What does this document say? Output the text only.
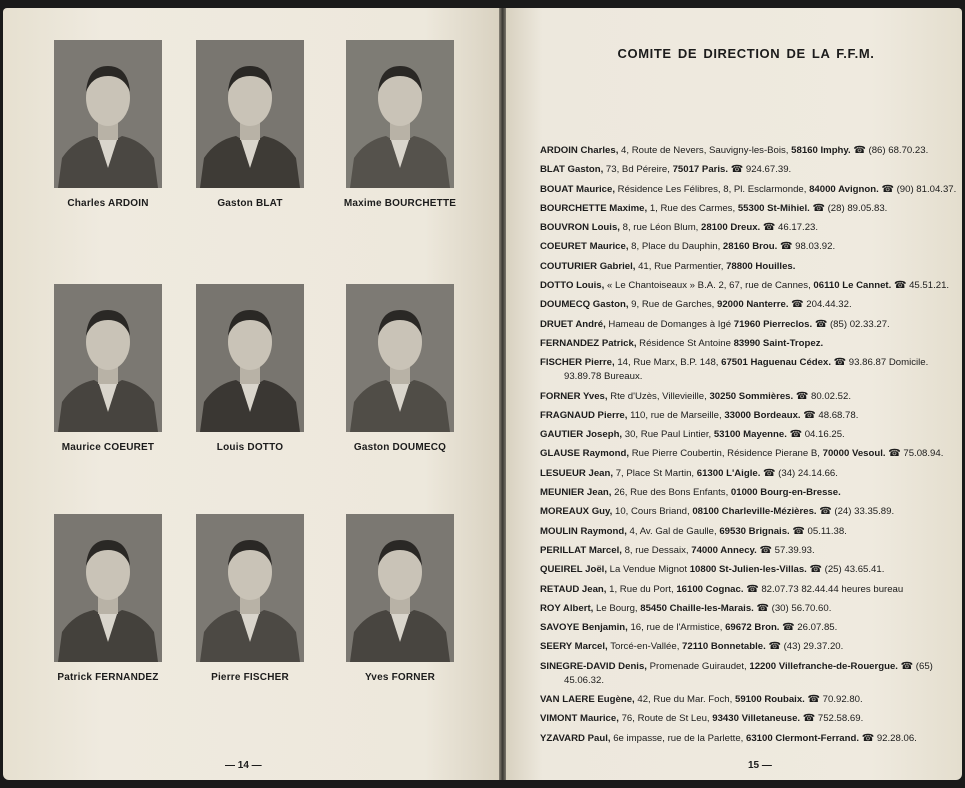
Charles ARDOIN	Gaston BLAT	Maxime BOURCHETTE
Maurice COEURET	Louis DOTTO	Gaston DOUMECQ
Patrick FERNANDEZ	Pierre FISCHER	Yves FORNER
— 14 —
COMITE DE DIRECTION DE LA F.F.M.
ARDOIN Charles, 4, Route de Nevers, Sauvigny-les-Bois, 58160 Imphy. ☎ (86) 68.70.23.
BLAT Gaston, 73, Bd Péreire, 75017 Paris. ☎ 924.67.39.
BOUAT Maurice, Résidence Les Félibres, 8, Pl. Esclarmonde, 84000 Avignon. ☎ (90) 81.04.37.
BOURCHETTE Maxime, 1, Rue des Carmes, 55300 St-Mihiel. ☎ (28) 89.05.83.
BOUVRON Louis, 8, rue Léon Blum, 28100 Dreux. ☎ 46.17.23.
COEURET Maurice, 8, Place du Dauphin, 28160 Brou. ☎ 98.03.92.
COUTURIER Gabriel, 41, Rue Parmentier, 78800 Houilles.
DOTTO Louis, « Le Chantoiseaux » B.A. 2, 67, rue de Cannes, 06110 Le Cannet. ☎ 45.51.21.
DOUMECQ Gaston, 9, Rue de Garches, 92000 Nanterre. ☎ 204.44.32.
DRUET André, Hameau de Domanges à Igé 71960 Pierreclos. ☎ (85) 02.33.27.
FERNANDEZ Patrick, Résidence St Antoine 83990 Saint-Tropez.
FISCHER Pierre, 14, Rue Marx, B.P. 148, 67501 Haguenau Cédex. ☎ 93.86.87 Domicile. 93.89.78 Bureaux.
FORNER Yves, Rte d'Uzès, Villevieille, 30250 Sommières. ☎ 80.02.52.
FRAGNAUD Pierre, 110, rue de Marseille, 33000 Bordeaux. ☎ 48.68.78.
GAUTIER Joseph, 30, Rue Paul Lintier, 53100 Mayenne. ☎ 04.16.25.
GLAUSE Raymond, Rue Pierre Coubertin, Résidence Pierane B, 70000 Vesoul. ☎ 75.08.94.
LESUEUR Jean, 7, Place St Martin, 61300 L'Aigle. ☎ (34) 24.14.66.
MEUNIER Jean, 26, Rue des Bons Enfants, 01000 Bourg-en-Bresse.
MOREAUX Guy, 10, Cours Briand, 08100 Charleville-Mézières. ☎ (24) 33.35.89.
MOULIN Raymond, 4, Av. Gal de Gaulle, 69530 Brignais. ☎ 05.11.38.
PERILLAT Marcel, 8, rue Dessaix, 74000 Annecy. ☎ 57.39.93.
QUEIREL Joël, La Vendue Mignot 10800 St-Julien-les-Villas. ☎ (25) 43.65.41.
RETAUD Jean, 1, Rue du Port, 16100 Cognac. ☎ 82.07.73 82.44.44 heures bureau
ROY Albert, Le Bourg, 85450 Chaille-les-Marais. ☎ (30) 56.70.60.
SAVOYE Benjamin, 16, rue de l'Armistice, 69672 Bron. ☎ 26.07.85.
SEERY Marcel, Torcé-en-Vallée, 72110 Bonnetable. ☎ (43) 29.37.20.
SINEGRE-DAVID Denis, Promenade Guiraudet, 12200 Villefranche-de-Rouergue. ☎ (65) 45.06.32.
VAN LAERE Eugène, 42, Rue du Mar. Foch, 59100 Roubaix. ☎ 70.92.80.
VIMONT Maurice, 76, Route de St Leu, 93430 Villetaneuse. ☎ 752.58.69.
YZAVARD Paul, 6e impasse, rue de la Parlette, 63100 Clermont-Ferrand. ☎ 92.28.06.
15 —
